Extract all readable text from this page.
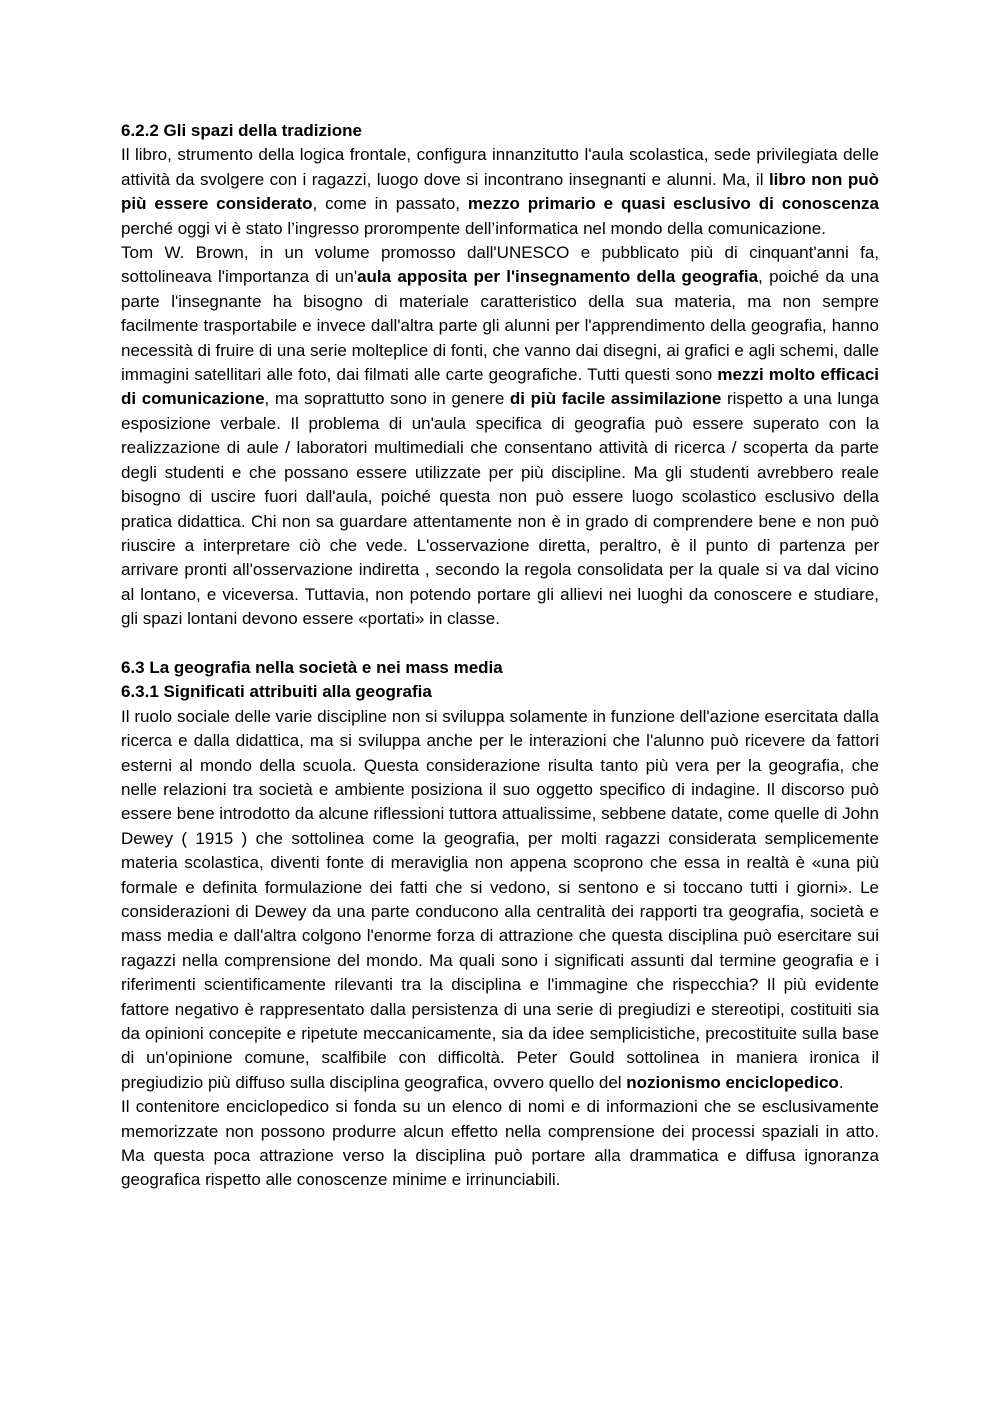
6.2.2 Gli spazi della tradizione

Il libro, strumento della logica frontale, configura innanzitutto l'aula scolastica, sede privilegiata delle attività da svolgere con i ragazzi, luogo dove si incontrano insegnanti e alunni. Ma, il libro non può più essere considerato, come in passato, mezzo primario e quasi esclusivo di conoscenza perché oggi vi è stato l’ingresso prorompente dell’informatica nel mondo della comunicazione.

Tom W. Brown, in un volume promosso dall'UNESCO e pubblicato più di cinquant'anni fa, sottolineava l'importanza di un'aula apposita per l'insegnamento della geografia, poiché da una parte l'insegnante ha bisogno di materiale caratteristico della sua materia, ma non sempre facilmente trasportabile e invece dall'altra parte gli alunni per l'apprendimento della geografia, hanno necessità di fruire di una serie molteplice di fonti, che vanno dai disegni, ai grafici e agli schemi, dalle immagini satellitari alle foto, dai filmati alle carte geografiche. Tutti questi sono mezzi molto efficaci di comunicazione, ma soprattutto sono in genere di più facile assimilazione rispetto a una lunga esposizione verbale. Il problema di un'aula specifica di geografia può essere superato con la realizzazione di aule / laboratori multimediali che consentano attività di ricerca / scoperta da parte degli studenti e che possano essere utilizzate per più discipline. Ma gli studenti avrebbero reale bisogno di uscire fuori dall'aula, poiché questa non può essere luogo scolastico esclusivo della pratica didattica. Chi non sa guardare attentamente non è in grado di comprendere bene e non può riuscire a interpretare ciò che vede. L'osservazione diretta, peraltro, è il punto di partenza per arrivare pronti all'osservazione indiretta , secondo la regola consolidata per la quale si va dal vicino al lontano, e viceversa. Tuttavia, non potendo portare gli allievi nei luoghi da conoscere e studiare, gli spazi lontani devono essere «portati» in classe.

6.3 La geografia nella società e nei mass media
6.3.1 Significati attribuiti alla geografia

Il ruolo sociale delle varie discipline non si sviluppa solamente in funzione dell'azione esercitata dalla ricerca e dalla didattica, ma si sviluppa anche per le interazioni che l'alunno può ricevere da fattori esterni al mondo della scuola. Questa considerazione risulta tanto più vera per la geografia, che nelle relazioni tra società e ambiente posiziona il suo oggetto specifico di indagine. Il discorso può essere bene introdotto da alcune riflessioni tuttora attualissime, sebbene datate, come quelle di John Dewey ( 1915 ) che sottolinea come la geografia, per molti ragazzi considerata semplicemente materia scolastica, diventi fonte di meraviglia non appena scoprono che essa in realtà è «una più formale e definita formulazione dei fatti che si vedono, si sentono e si toccano tutti i giorni». Le considerazioni di Dewey da una parte conducono alla centralità dei rapporti tra geografia, società e mass media e dall'altra colgono l'enorme forza di attrazione che questa disciplina può esercitare sui ragazzi nella comprensione del mondo. Ma quali sono i significati assunti dal termine geografia e i riferimenti scientificamente rilevanti tra la disciplina e l'immagine che rispecchia? Il più evidente fattore negativo è rappresentato dalla persistenza di una serie di pregiudizi e stereotipi, costituiti sia da opinioni concepite e ripetute meccanicamente, sia da idee semplicistiche, precostituite sulla base di un'opinione comune, scalfibile con difficoltà. Peter Gould sottolinea in maniera ironica il pregiudizio più diffuso sulla disciplina geografica, ovvero quello del nozionismo enciclopedico.

Il contenitore enciclopedico si fonda su un elenco di nomi e di informazioni che se esclusivamente memorizzate non possono produrre alcun effetto nella comprensione dei processi spaziali in atto. Ma questa poca attrazione verso la disciplina può portare alla drammatica e diffusa ignoranza geografica rispetto alle conoscenze minime e irrinunciabili.
